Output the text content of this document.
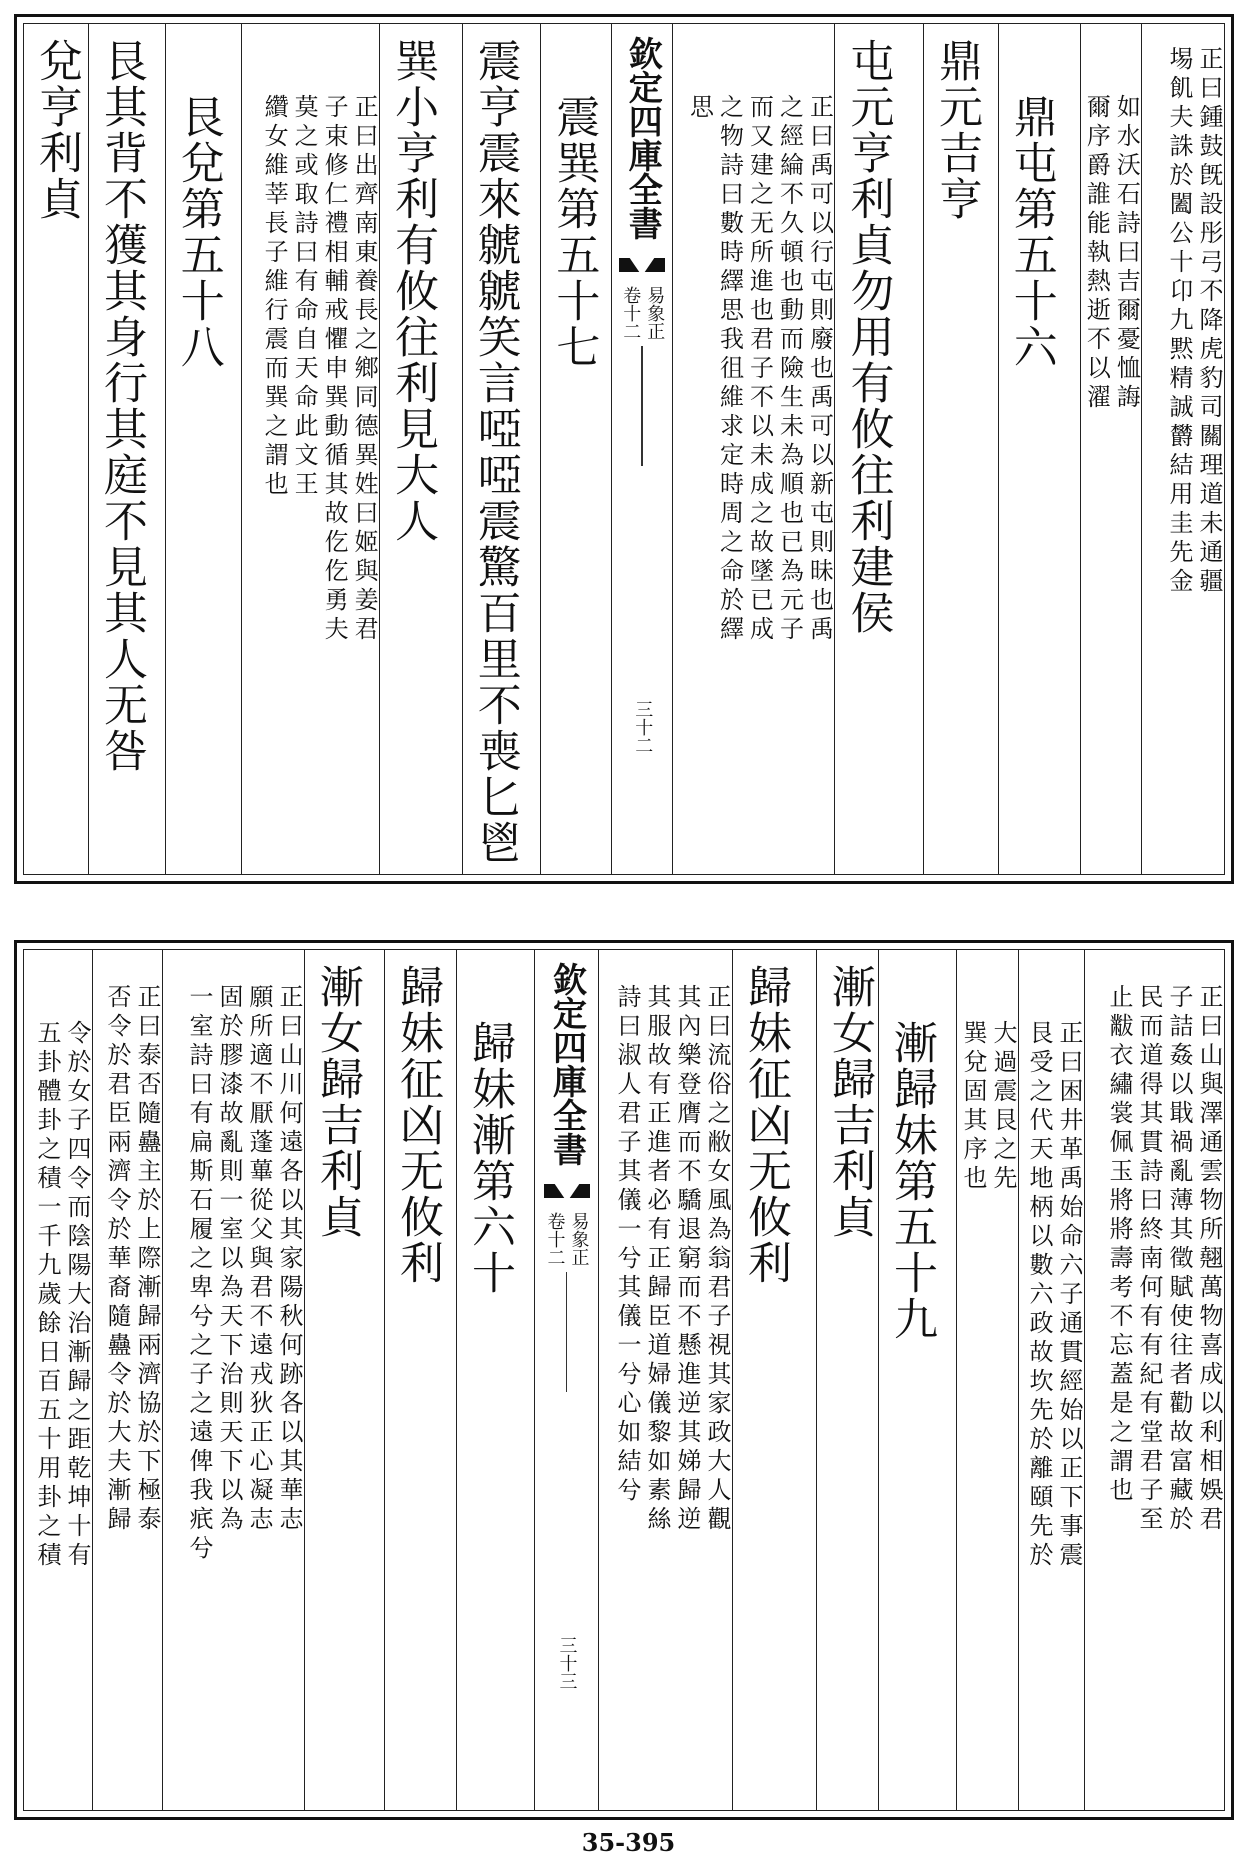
正曰鍾鼓旣設彤弓不降虎豹司關理道未通疆
埸飢夫誅於闔公十卬九黙精誠欝結用圭先金
如水沃石詩曰吉爾憂恤誨
爾序爵誰能執熱逝不以濯
鼎屯第五十六
鼎元吉亨
屯元亨利貞勿用有攸往利建侯
正曰禹可以行屯則廢也禹可以新屯則昧也禹
之經綸不久頓也動而險生未為順也已為元子
而又建之无所進也君子不以未成之故墜已成
之物詩曰數時繹思我徂維求定時周之命於繹
思
欽定四庫全書
易象正
卷十二
三十二
震巽第五十七
震亨震來虩虩笑言啞啞震驚百里不喪匕鬯
巽小亨利有攸往利見大人
正曰出齊南東養長之鄉同德異姓曰姬與姜君
子束修仁禮相輔戒懼申巽動循其故仡仡勇夫
莫之或取詩曰有命自天命此文王
纘女維莘長子維行震而巽之謂也
艮兌第五十八
艮其背不獲其身行其庭不見其人无咎
兌亨利貞
正曰山與澤通雲物所翹萬物喜成以利相娛君
子詰姦以戢禍亂薄其徵賦使往者勸故富藏於
民而道得其貫詩曰終南何有有紀有堂君子至
止黻衣繡裳佩玉將將壽考不忘蓋是之謂也
正曰困井革禹始命六子通貫經始以正下事震
艮受之代天地柄以數六政故坎先於離頤先於
大過震艮之先
巽兌固其序也
漸歸妹第五十九
漸女歸吉利貞
歸妹征凶无攸利
正曰流俗之敝女風為翁君子視其家政大人觀
其內樂登膺而不驕退窮而不懸進逆其娣歸逆
其服故有正進者必有正歸臣道婦儀黎如素絲
詩曰淑人君子其儀一兮其儀一兮心如結兮
欽定四庫全書
易象正
卷十二
三十三
歸妹漸第六十
歸妹征凶无攸利
漸女歸吉利貞
正曰山川何遠各以其家陽秋何跡各以其華志
願所適不厭蓬蓽從父與君不遠戎狄正心凝志
固於膠漆故亂則一室以為天下治則天下以為
一室詩曰有扁斯石履之卑兮之子之遠俾我疧兮
正曰泰否隨蠱主於上際漸歸兩濟協於下極泰
否令於君臣兩濟令於華裔隨蠱令於大夫漸歸
令於女子四令而陰陽大治漸歸之距乾坤十有
五卦體卦之積一千九歲餘日百五十用卦之積
35-395
